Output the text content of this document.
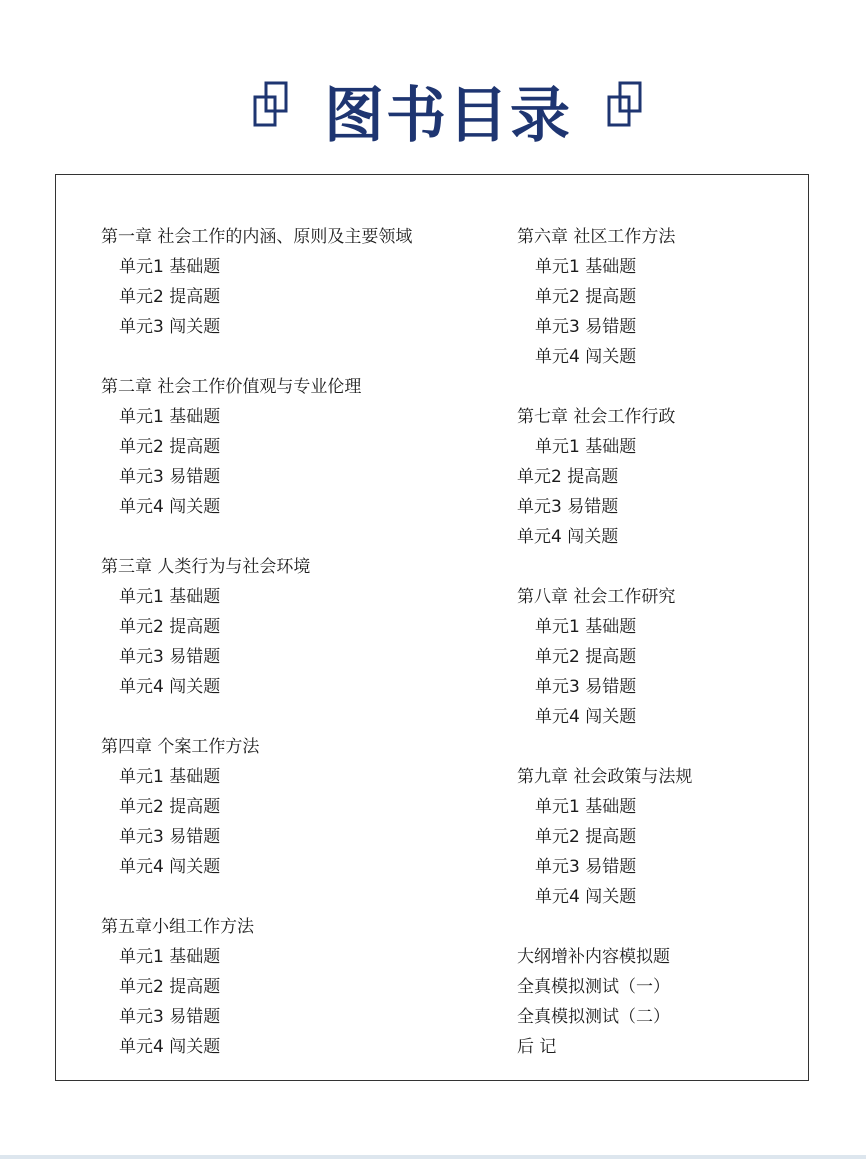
图书目录
第一章 社会工作的内涵、原则及主要领域
单元1 基础题
单元2 提高题
单元3 闯关题
第二章 社会工作价值观与专业伦理
单元1 基础题
单元2 提高题
单元3 易错题
单元4 闯关题
第三章 人类行为与社会环境
单元1 基础题
单元2 提高题
单元3 易错题
单元4 闯关题
第四章 个案工作方法
单元1 基础题
单元2 提高题
单元3 易错题
单元4 闯关题
第五章小组工作方法
单元1 基础题
单元2 提高题
单元3 易错题
单元4 闯关题
第六章 社区工作方法
单元1 基础题
单元2 提高题
单元3 易错题
单元4 闯关题
第七章 社会工作行政
单元1 基础题
单元2 提高题
单元3 易错题
单元4 闯关题
第八章 社会工作研究
单元1 基础题
单元2 提高题
单元3 易错题
单元4 闯关题
第九章 社会政策与法规
单元1 基础题
单元2 提高题
单元3 易错题
单元4 闯关题
大纲增补内容模拟题
全真模拟测试（一）
全真模拟测试（二）
后 记
